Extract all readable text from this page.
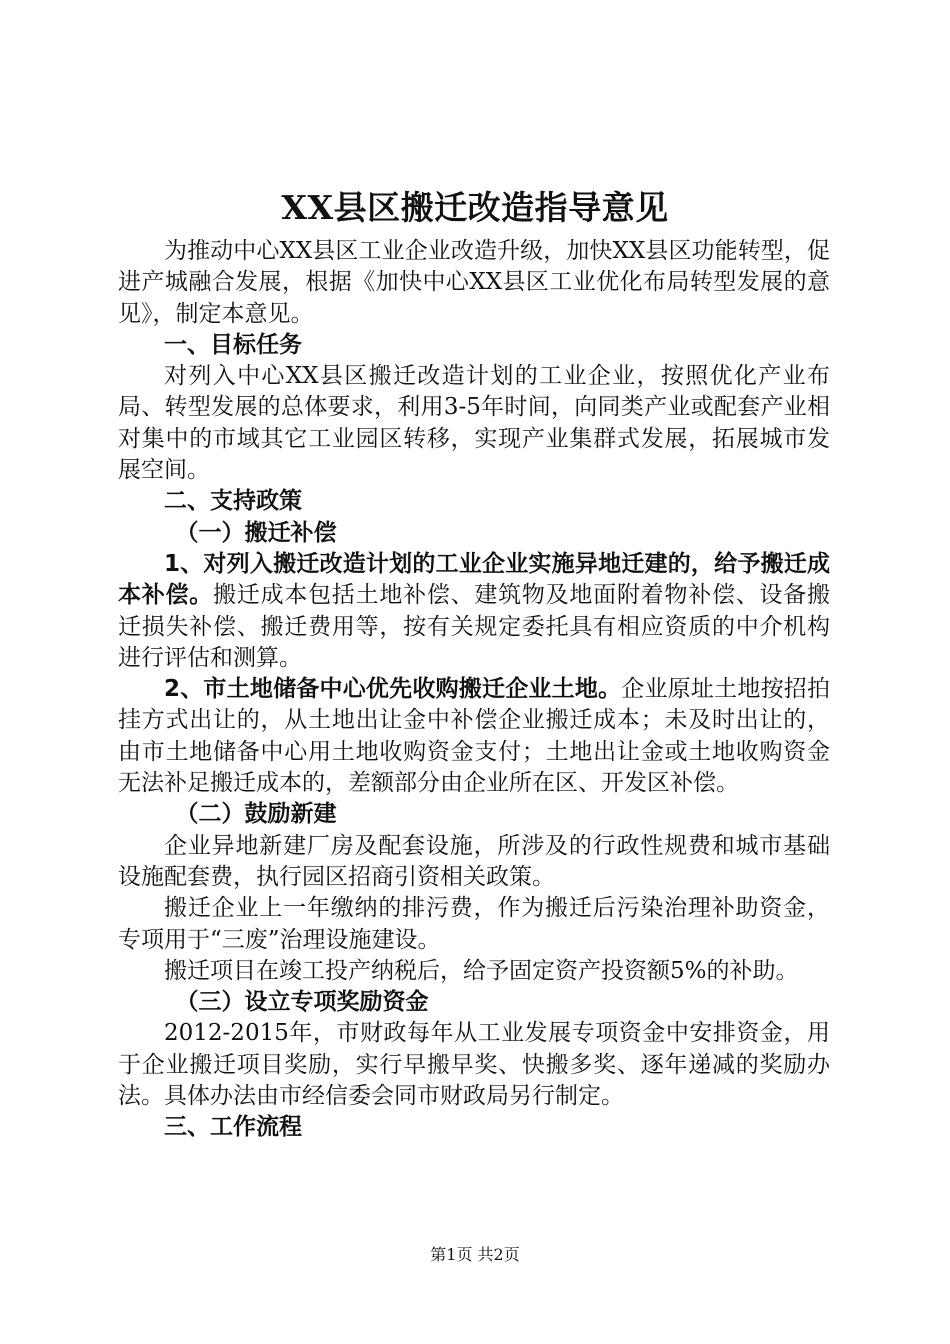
XX县区搬迁改造指导意见

为推动中心XX县区工业企业改造升级，加快XX县区功能转型，促进产城融合发展，根据《加快中心XX县区工业优化布局转型发展的意见》，制定本意见。

一、目标任务

对列入中心XX县区搬迁改造计划的工业企业，按照优化产业布局、转型发展的总体要求，利用3-5年时间，向同类产业或配套产业相对集中的市域其它工业园区转移，实现产业集群式发展，拓展城市发展空间。

二、支持政策

（一）搬迁补偿

1、对列入搬迁改造计划的工业企业实施异地迁建的，给予搬迁成本补偿。搬迁成本包括土地补偿、建筑物及地面附着物补偿、设备搬迁损失补偿、搬迁费用等，按有关规定委托具有相应资质的中介机构进行评估和测算。

2、市土地储备中心优先收购搬迁企业土地。企业原址土地按招拍挂方式出让的，从土地出让金中补偿企业搬迁成本；未及时出让的，由市土地储备中心用土地收购资金支付；土地出让金或土地收购资金无法补足搬迁成本的，差额部分由企业所在区、开发区补偿。

（二）鼓励新建

企业异地新建厂房及配套设施，所涉及的行政性规费和城市基础设施配套费，执行园区招商引资相关政策。

搬迁企业上一年缴纳的排污费，作为搬迁后污染治理补助资金，专项用于“三废”治理设施建设。

搬迁项目在竣工投产纳税后，给予固定资产投资额5%的补助。

（三）设立专项奖励资金

2012-2015年，市财政每年从工业发展专项资金中安排资金，用于企业搬迁项目奖励，实行早搬早奖、快搬多奖、逐年递减的奖励办法。具体办法由市经信委会同市财政局另行制定。

三、工作流程

第1页 共2页
